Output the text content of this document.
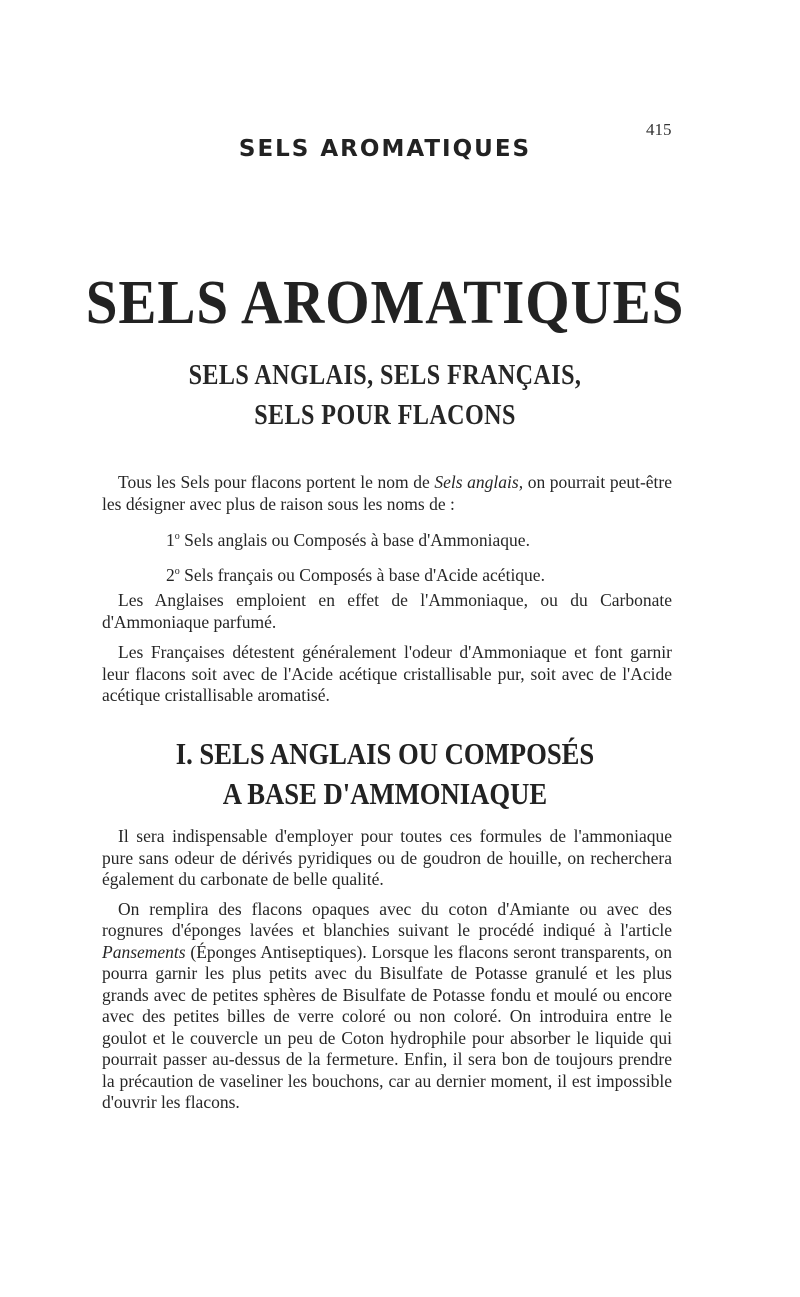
SELS AROMATIQUES
415
SELS AROMATIQUES
SELS ANGLAIS, SELS FRANÇAIS,
SELS POUR FLACONS

Tous les Sels pour flacons portent le nom de Sels anglais, on pourrait peut-être les désigner avec plus de raison sous les noms de :

1$^o$ Sels anglais ou Composés à base d'Ammoniaque.
2$^o$ Sels français ou Composés à base d'Acide acétique.

Les Anglaises emploient en effet de l'Ammoniaque, ou du Carbonate d'Ammoniaque parfumé.

Les Françaises détestent généralement l'odeur d'Ammoniaque et font garnir leur flacons soit avec de l'Acide acétique cristallisable pur, soit avec de l'Acide acétique cristallisable aromatisé.

I. SELS ANGLAIS OU COMPOSÉS
A BASE D'AMMONIAQUE

Il sera indispensable d'employer pour toutes ces formules de l'ammoniaque pure sans odeur de dérivés pyridiques ou de goudron de houille, on recherchera également du carbonate de belle qualité.

On remplira des flacons opaques avec du coton d'Amiante ou avec des rognures d'éponges lavées et blanchies suivant le procédé indiqué à l'article Pansements (Éponges Antiseptiques). Lorsque les flacons seront transparents, on pourra garnir les plus petits avec du Bisulfate de Potasse granulé et les plus grands avec de petites sphères de Bisulfate de Potasse fondu et moulé ou encore avec des petites billes de verre coloré ou non coloré. On introduira entre le goulot et le couvercle un peu de Coton hydrophile pour absorber le liquide qui pourrait passer au-dessus de la fermeture. Enfin, il sera bon de toujours prendre la précaution de vaseliner les bouchons, car au dernier moment, il est impossible d'ouvrir les flacons.
